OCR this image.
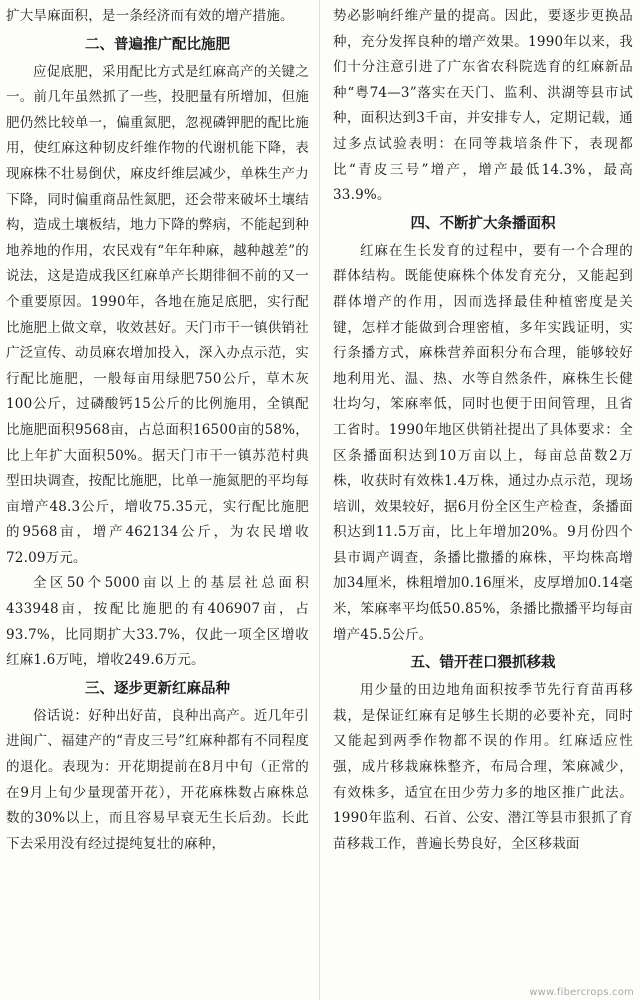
扩大旱麻面积，是一条经济而有效的增产措施。

二、普遍推广配比施肥

应促底肥，采用配比方式是红麻高产的关键之一。前几年虽然抓了一些，投肥量有所增加，但施肥仍然比较单一，偏重氮肥，忽视磷钾肥的配比施用，使红麻这种韧皮纤维作物的代谢机能下降，表现麻株不壮易倒伏，麻皮纤维层减少，单株生产力下降，同时偏重商品性氮肥，还会带来破坏土壤结构，造成土壤板结，地力下降的弊病，不能起到种地养地的作用，农民戏有“年年种麻，越种越差”的说法，这是造成我区红麻单产长期徘徊不前的又一个重要原因。1990年，各地在施足底肥，实行配比施肥上做文章，收效甚好。天门市干一镇供销社广泛宣传、动员麻农增加投入，深入办点示范，实行配比施肥，一般每亩用绿肥750公斤，草木灰100公斤，过磷酸钙15公斤的比例施用，全镇配比施肥面积9568亩，占总面积16500亩的58%，比上年扩大面积50%。据天门市干一镇苏范村典型田块调查，按配比施肥，比单一施氮肥的平均每亩增产48.3公斤，增收75.35元，实行配比施肥的9568亩，增产462134公斤，为农民增收72.09万元。

全区50个5000亩以上的基层社总面积433948亩，按配比施肥的有406907亩，占93.7%，比同期扩大33.7%，仅此一项全区增收红麻1.6万吨，增收249.6万元。

三、逐步更新红麻品种

俗话说：好种出好苗，良种出高产。近几年引进闽广、福建产的“青皮三号”红麻种都有不同程度的退化。表现为：开花期提前在8月中旬（正常的在9月上旬少量现蕾开花），开花麻株数占麻株总数的30%以上，而且容易早衰无生长后劲。长此下去采用没有经过提纯复壮的麻种，

势必影响纤维产量的提高。因此，要逐步更换品种，充分发挥良种的增产效果。1990年以来，我们十分注意引进了广东省农科院选育的红麻新品种“粤74—3”落实在天门、监利、洪湖等县市试种，面积达到3千亩，并安排专人，定期记载，通过多点试验表明：在同等栽培条件下，表现都比“青皮三号”增产，增产最低14.3%，最高33.9%。

四、不断扩大条播面积

红麻在生长发育的过程中，要有一个合理的群体结构。既能使麻株个体发育充分，又能起到群体增产的作用，因而选择最佳种植密度是关键，怎样才能做到合理密植，多年实践证明，实行条播方式，麻株营养面积分布合理，能够较好地利用光、温、热、水等自然条件，麻株生长健壮均匀，笨麻率低，同时也便于田间管理，且省工省时。1990年地区供销社提出了具体要求：全区条播面积达到10万亩以上，每亩总苗数2万株，收获时有效株1.4万株，通过办点示范，现场培训，效果较好，据6月份全区生产检查，条播面积达到11.5万亩，比上年增加20%。9月份四个县市调产调查，条播比撒播的麻株，平均株高增加34厘米，株粗增加0.16厘米，皮厚增加0.14毫米，笨麻率平均低50.85%，条播比撒播平均每亩增产45.5公斤。

五、错开茬口猥抓移栽

用少量的田边地角面积按季节先行育苗再移栽，是保证红麻有足够生长期的必要补充，同时又能起到两季作物都不误的作用。红麻适应性强，成片移栽麻株整齐，布局合理，笨麻减少，有效株多，适宜在田少劳力多的地区推广此法。1990年监利、石首、公安、潜江等县市狠抓了育苗移栽工作，普遍长势良好，全区移栽面

www.fibercrops.com
